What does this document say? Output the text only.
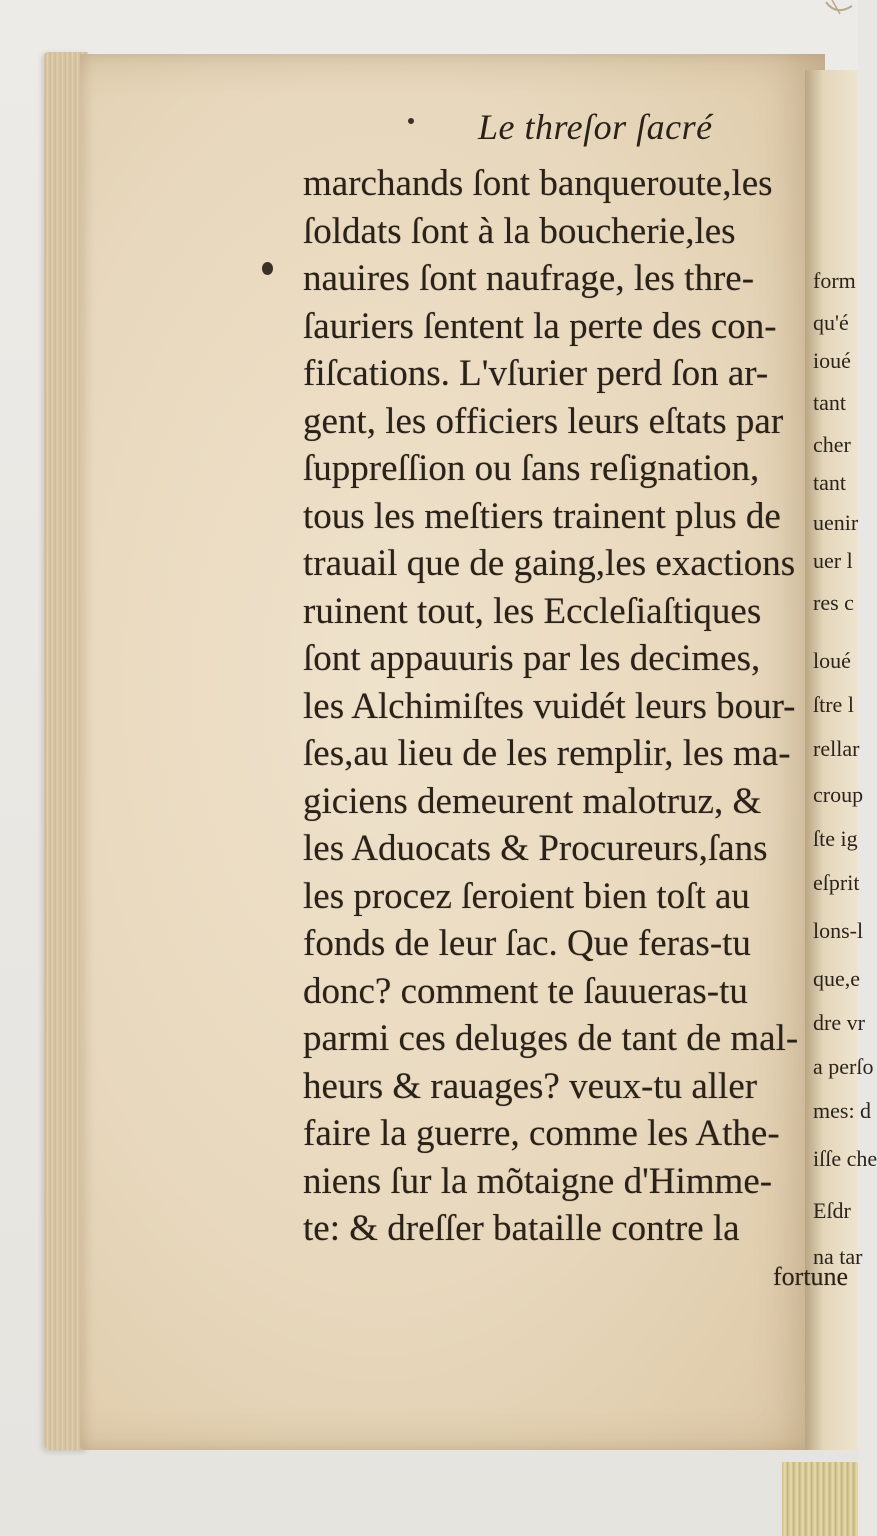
form
qu'é
ioué
tant
cher
tant
uenir
uer l
res c
loué
ſtre l
rellar
croup
ſte ig
eſprit
lons-l
que,e
dre vr
a perſo
mes: d
iſſe che
Eſdr
na tar
Le threſor ſacré
marchands ſont banqueroute,les
ſoldats ſont à la boucherie,les
nauires ſont naufrage, les thre-
ſauriers ſentent la perte des con-
fiſcations. L'vſurier perd ſon ar-
gent, les officiers leurs eſtats par
ſuppreſſion ou ſans reſignation,
tous les meſtiers trainent plus de
trauail que de gaing,les exactions
ruinent tout, les Eccleſiaſtiques
ſont appauuris par les decimes,
les Alchimiſtes vuidét leurs bour-
ſes,au lieu de les remplir, les ma-
giciens demeurent malotruz, &
les Aduocats & Procureurs,ſans
les procez ſeroient bien toſt au
fonds de leur ſac. Que feras-tu
donc? comment te ſauueras-tu
parmi ces deluges de tant de mal-
heurs & rauages? veux-tu aller
faire la guerre, comme les Athe-
niens ſur la mõtaigne d'Himme-
te: & dreſſer bataille contre la
fortune
